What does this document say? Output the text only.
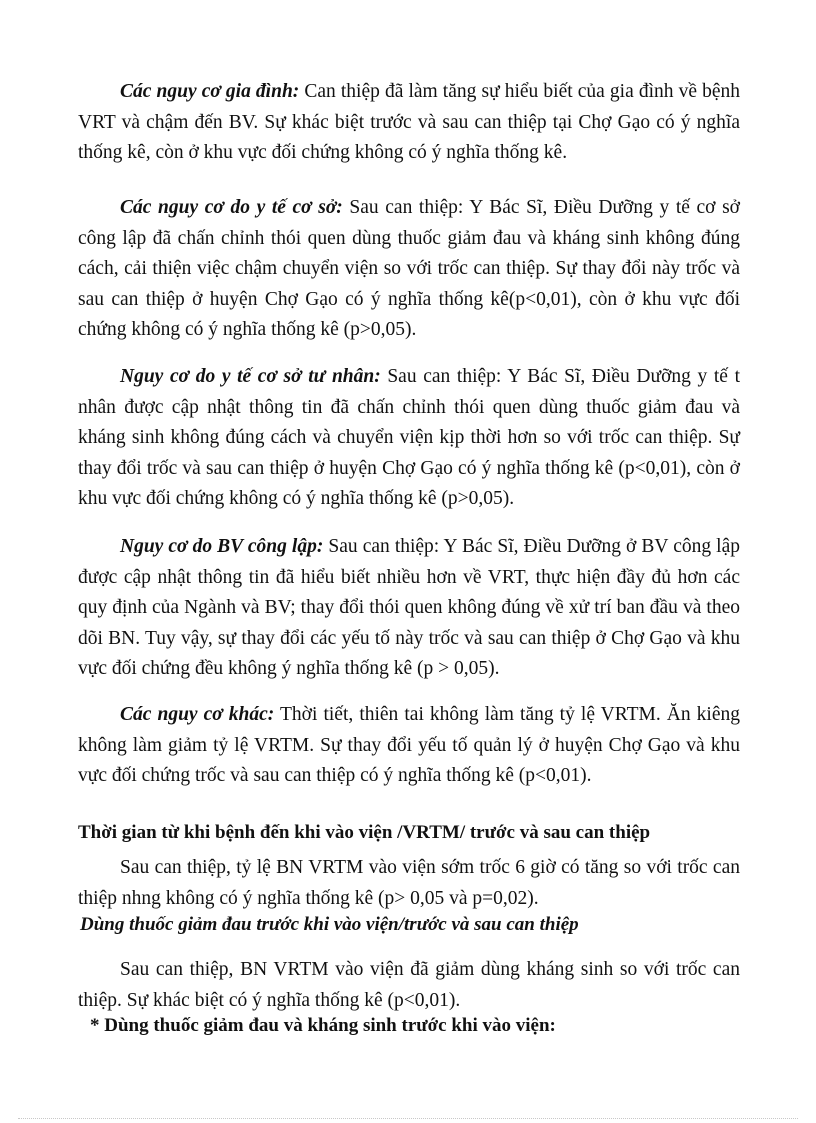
Các nguy cơ gia đình: Can thiệp đã làm tăng sự hiểu biết của gia đình về bệnh VRT và chậm đến BV. Sự khác biệt trước và sau can thiệp tại Chợ Gạo có ý nghĩa thống kê, còn ở khu vực đối chứng không có ý nghĩa thống kê.

Các nguy cơ do y tế cơ sở: Sau can thiệp: Y Bác Sĩ, Điều Dưỡng y tế cơ sở công lập đã chấn chỉnh thói quen dùng thuốc giảm đau và kháng sinh không đúng cách, cải thiện việc chậm chuyển viện so với trốc can thiệp. Sự thay đổi này trốc và sau can thiệp ở huyện Chợ Gạo có ý nghĩa thống kê(p<0,01), còn ở khu vực đối chứng không có ý nghĩa thống kê (p>0,05).

Nguy cơ do y tế cơ sở tư nhân: Sau can thiệp: Y Bác Sĩ, Điều Dưỡng y tế t nhân được cập nhật thông tin đã chấn chỉnh thói quen dùng thuốc giảm đau và kháng sinh không đúng cách và chuyển viện kịp thời hơn so với trốc can thiệp. Sự thay đổi trốc và sau can thiệp ở huyện Chợ Gạo có ý nghĩa thống kê (p<0,01), còn ở khu vực đối chứng không có ý nghĩa thống kê (p>0,05).

Nguy cơ do BV công lập: Sau can thiệp: Y Bác Sĩ, Điều Dưỡng ở BV công lập được cập nhật thông tin đã hiểu biết nhiều hơn về VRT, thực hiện đầy đủ hơn các quy định của Ngành và BV; thay đổi thói quen không đúng về xử trí ban đầu và theo dõi BN. Tuy vậy, sự thay đổi các yếu tố này trốc và sau can thiệp ở Chợ Gạo và khu vực đối chứng đều không ý nghĩa thống kê (p > 0,05).

Các nguy cơ khác: Thời tiết, thiên tai không làm tăng tỷ lệ VRTM. Ăn kiêng không làm giảm tỷ lệ VRTM. Sự thay đổi yếu tố quản lý ở huyện Chợ Gạo và khu vực đối chứng trốc và sau can thiệp có ý nghĩa thống kê (p<0,01).

Thời gian từ khi bệnh đến khi vào viện /VRTM/ trước và sau can thiệp

Sau can thiệp, tỷ lệ BN VRTM vào viện sớm trốc 6 giờ có tăng so với trốc can thiệp nhng không có ý nghĩa thống kê (p> 0,05 và p=0,02).

Dùng thuốc giảm đau trước khi vào viện/trước và sau can thiệp

Sau can thiệp, BN VRTM vào viện đã giảm dùng kháng sinh so với trốc can thiệp. Sự khác biệt có ý nghĩa thống kê (p<0,01).

* Dùng thuốc giảm đau và kháng sinh trước khi vào viện:
